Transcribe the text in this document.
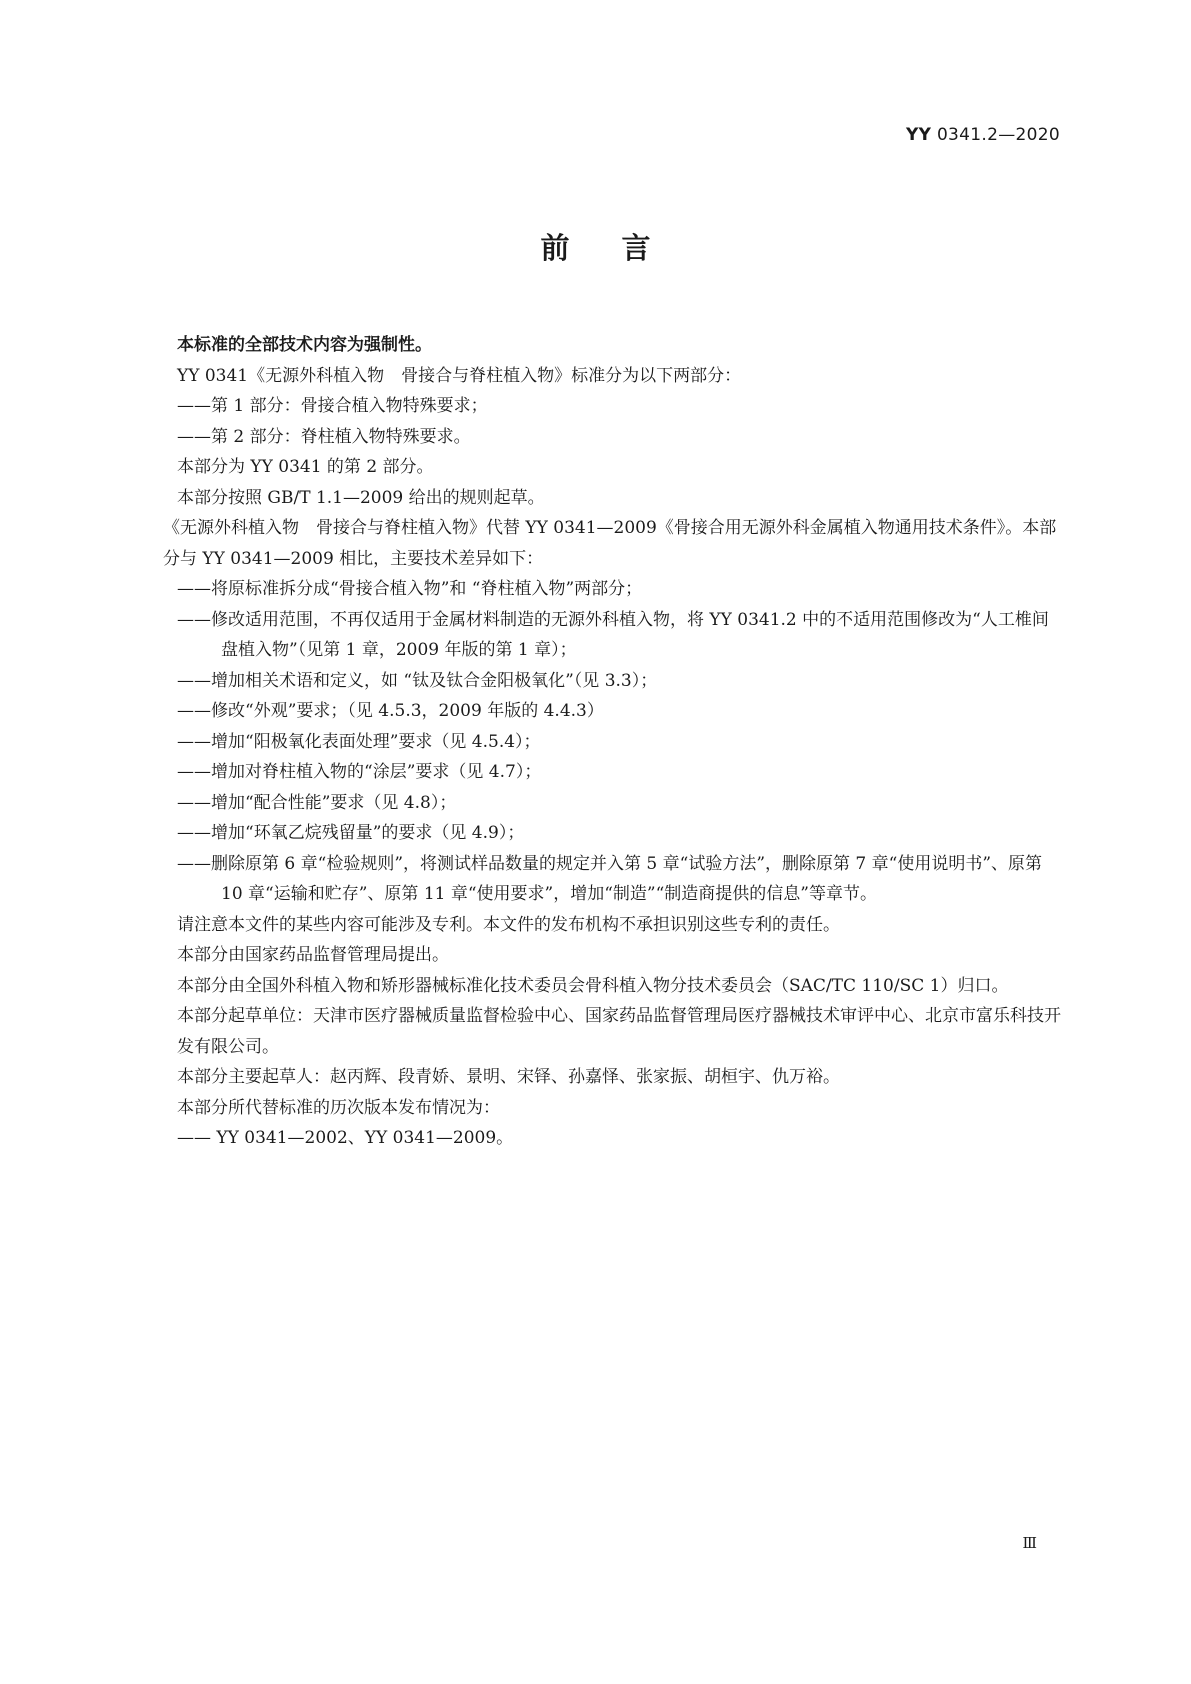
YY 0341.2—2020
前言

本标准的全部技术内容为强制性。

YY 0341《无源外科植入物　骨接合与脊柱植入物》标准分为以下两部分：

——第 1 部分：骨接合植入物特殊要求；

——第 2 部分：脊柱植入物特殊要求。

本部分为 YY 0341 的第 2 部分。

本部分按照 GB/T 1.1—2009 给出的规则起草。

《无源外科植入物　骨接合与脊柱植入物》代替 YY 0341—2009《骨接合用无源外科金属植入物通用技术条件》。本部分与 YY 0341—2009 相比，主要技术差异如下：

——将原标准拆分成“骨接合植入物”和 “脊柱植入物”两部分；

——修改适用范围，不再仅适用于金属材料制造的无源外科植入物，将 YY 0341.2 中的不适用范围修改为“人工椎间盘植入物”（见第 1 章，2009 年版的第 1 章）；

——增加相关术语和定义，如 “钛及钛合金阳极氧化”（见 3.3）；

——修改“外观”要求；（见 4.5.3，2009 年版的 4.4.3）

——增加“阳极氧化表面处理”要求（见 4.5.4）；

——增加对脊柱植入物的“涂层”要求（见 4.7）；

——增加“配合性能”要求（见 4.8）；

——增加“环氧乙烷残留量”的要求（见 4.9）；

——删除原第 6 章“检验规则”，将测试样品数量的规定并入第 5 章“试验方法”，删除原第 7 章“使用说明书”、原第 10 章“运输和贮存”、原第 11 章“使用要求”，增加“制造”“制造商提供的信息”等章节。

请注意本文件的某些内容可能涉及专利。本文件的发布机构不承担识别这些专利的责任。

本部分由国家药品监督管理局提出。

本部分由全国外科植入物和矫形器械标准化技术委员会骨科植入物分技术委员会（SAC/TC 110/SC 1）归口。

本部分起草单位：天津市医疗器械质量监督检验中心、国家药品监督管理局医疗器械技术审评中心、北京市富乐科技开发有限公司。

本部分主要起草人：赵丙辉、段青娇、景明、宋铎、孙嘉怿、张家振、胡桓宇、仇万裕。

本部分所代替标准的历次版本发布情况为：

—— YY 0341—2002、YY 0341—2009。

Ⅲ
